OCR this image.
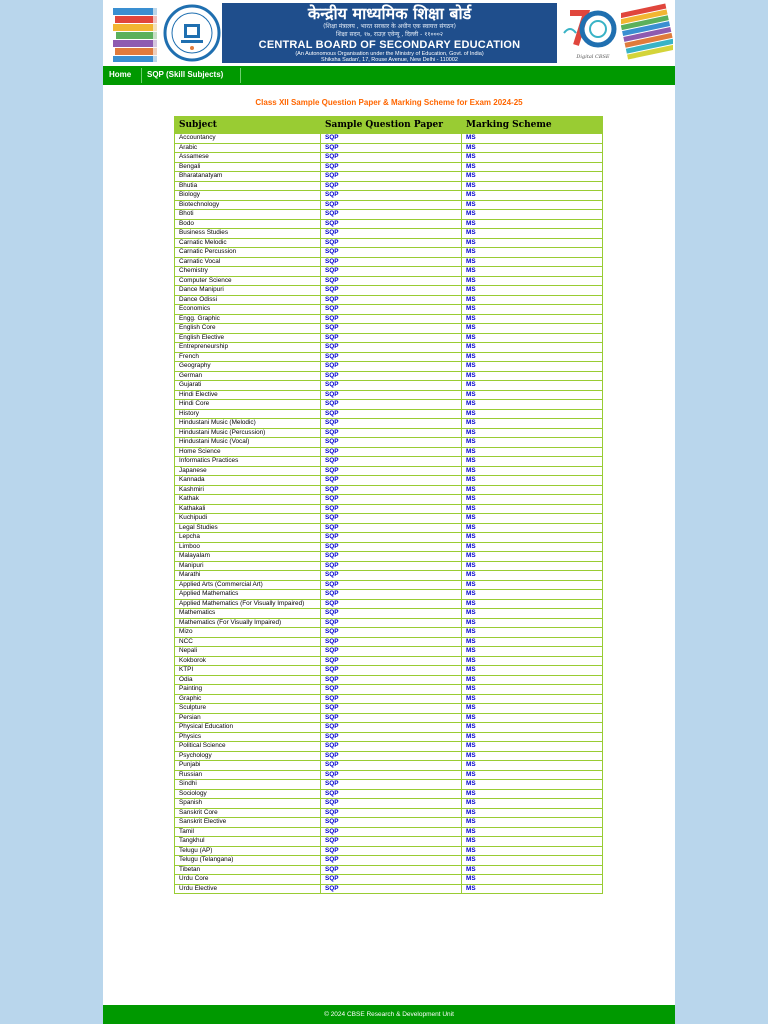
केन्द्रीय माध्यमिक शिक्षा बोर्ड
(शिक्षा मंत्रालय , भारत सरकार के अधीन एक स्वायत्त संगठन)
शिक्षा सदन, १७, राउज़ एवेन्यू , दिल्ली - ११०००२
CENTRAL BOARD OF SECONDARY EDUCATION
(An Autonomous Organisation under the Ministry of Education, Govt. of India)
Shiksha Sadan', 17, Rouse Avenue, New Delhi - 110002	Digital CBSE
Home SQP (Skill Subjects)
Class XII Sample Question Paper & Marking Scheme for Exam 2024-25
Subject	Sample Question Paper	Marking Scheme
Accountancy	SQP	MS
Arabic	SQP	MS
Assamese	SQP	MS
Bengali	SQP	MS
Bharatanatyam	SQP	MS
Bhutia	SQP	MS
Biology	SQP	MS
Biotechnology	SQP	MS
Bhoti	SQP	MS
Bodo	SQP	MS
Business Studies	SQP	MS
Carnatic Melodic	SQP	MS
Carnatic Percussion	SQP	MS
Carnatic Vocal	SQP	MS
Chemistry	SQP	MS
Computer Science	SQP	MS
Dance Manipuri	SQP	MS
Dance Odissi	SQP	MS
Economics	SQP	MS
Engg. Graphic	SQP	MS
English Core	SQP	MS
English Elective	SQP	MS
Entrepreneurship	SQP	MS
French	SQP	MS
Geography	SQP	MS
German	SQP	MS
Gujarati	SQP	MS
Hindi Elective	SQP	MS
Hindi Core	SQP	MS
History	SQP	MS
Hindustani Music (Melodic)	SQP	MS
Hindustani Music (Percussion)	SQP	MS
Hindustani Music (Vocal)	SQP	MS
Home Science	SQP	MS
Informatics Practices	SQP	MS
Japanese	SQP	MS
Kannada	SQP	MS
Kashmiri	SQP	MS
Kathak	SQP	MS
Kathakali	SQP	MS
Kuchipudi	SQP	MS
Legal Studies	SQP	MS
Lepcha	SQP	MS
Limboo	SQP	MS
Malayalam	SQP	MS
Manipuri	SQP	MS
Marathi	SQP	MS
Applied Arts (Commercial Art)	SQP	MS
Applied Mathematics	SQP	MS
Applied Mathematics (For Visually Impaired)	SQP	MS
Mathematics	SQP	MS
Mathematics (For Visually Impaired)	SQP	MS
Mizo	SQP	MS
NCC	SQP	MS
Nepali	SQP	MS
Kokborok	SQP	MS
KTPI	SQP	MS
Odia	SQP	MS
Painting	SQP	MS
Graphic	SQP	MS
Sculpture	SQP	MS
Persian	SQP	MS
Physical Education	SQP	MS
Physics	SQP	MS
Political Science	SQP	MS
Psychology	SQP	MS
Punjabi	SQP	MS
Russian	SQP	MS
Sindhi	SQP	MS
Sociology	SQP	MS
Spanish	SQP	MS
Sanskrit Core	SQP	MS
Sanskrit Elective	SQP	MS
Tamil	SQP	MS
Tangkhul	SQP	MS
Telugu (AP)	SQP	MS
Telugu (Telangana)	SQP	MS
Tibetan	SQP	MS
Urdu Core	SQP	MS
Urdu Elective	SQP	MS
© 2024 CBSE Research & Development Unit
